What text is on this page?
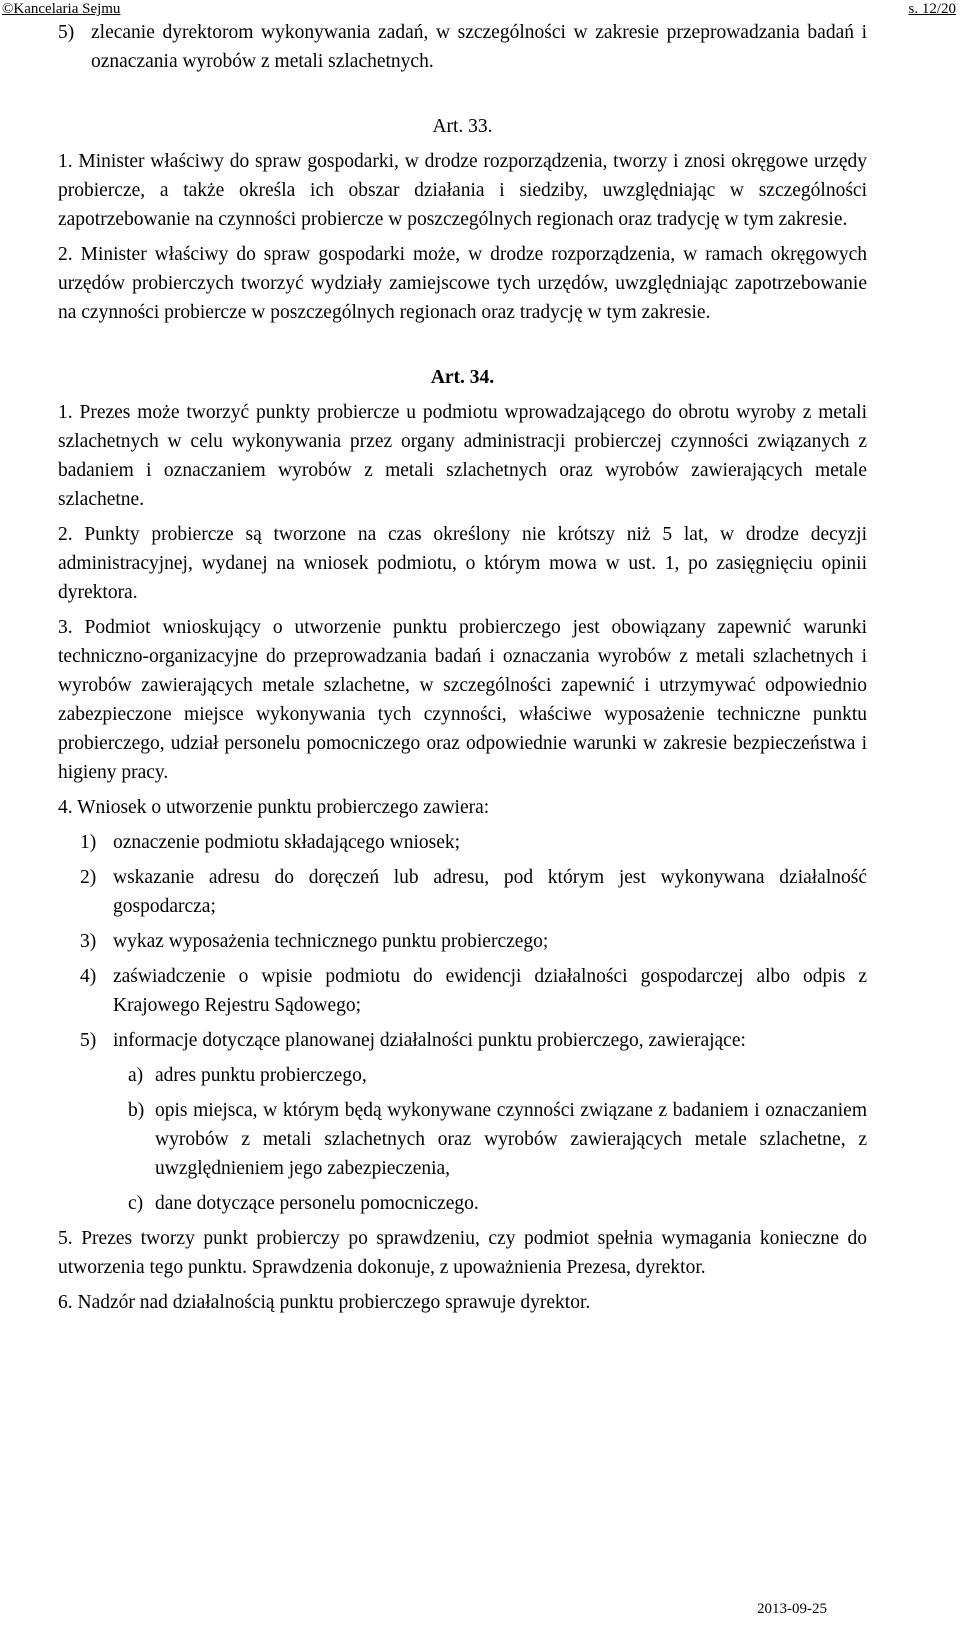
©Kancelaria Sejmu	s. 12/20
5) zlecanie dyrektorom wykonywania zadań, w szczególności w zakresie przeprowadzania badań i oznaczania wyrobów z metali szlachetnych.

Art. 33.

1. Minister właściwy do spraw gospodarki, w drodze rozporządzenia, tworzy i znosi okręgowe urzędy probiercze, a także określa ich obszar działania i siedziby, uwzględniając w szczególności zapotrzebowanie na czynności probiercze w poszczególnych regionach oraz tradycję w tym zakresie.

2. Minister właściwy do spraw gospodarki może, w drodze rozporządzenia, w ramach okręgowych urzędów probierczych tworzyć wydziały zamiejscowe tych urzędów, uwzględniając zapotrzebowanie na czynności probiercze w poszczególnych regionach oraz tradycję w tym zakresie.

Art. 34.

1. Prezes może tworzyć punkty probiercze u podmiotu wprowadzającego do obrotu wyroby z metali szlachetnych w celu wykonywania przez organy administracji probierczej czynności związanych z badaniem i oznaczaniem wyrobów z metali szlachetnych oraz wyrobów zawierających metale szlachetne.

2. Punkty probiercze są tworzone na czas określony nie krótszy niż 5 lat, w drodze decyzji administracyjnej, wydanej na wniosek podmiotu, o którym mowa w ust. 1, po zasięgnięciu opinii dyrektora.

3. Podmiot wnioskujący o utworzenie punktu probierczego jest obowiązany zapewnić warunki techniczno-organizacyjne do przeprowadzania badań i oznaczania wyrobów z metali szlachetnych i wyrobów zawierających metale szlachetne, w szczególności zapewnić i utrzymywać odpowiednio zabezpieczone miejsce wykonywania tych czynności, właściwe wyposażenie techniczne punktu probierczego, udział personelu pomocniczego oraz odpowiednie warunki w zakresie bezpieczeństwa i higieny pracy.

4. Wniosek o utworzenie punktu probierczego zawiera:

1) oznaczenie podmiotu składającego wniosek;
2) wskazanie adresu do doręczeń lub adresu, pod którym jest wykonywana działalność gospodarcza;
3) wykaz wyposażenia technicznego punktu probierczego;
4) zaświadczenie o wpisie podmiotu do ewidencji działalności gospodarczej albo odpis z Krajowego Rejestru Sądowego;
5) informacje dotyczące planowanej działalności punktu probierczego, zawierające:
a) adres punktu probierczego,
b) opis miejsca, w którym będą wykonywane czynności związane z badaniem i oznaczaniem wyrobów z metali szlachetnych oraz wyrobów zawierających metale szlachetne, z uwzględnieniem jego zabezpieczenia,
c) dane dotyczące personelu pomocniczego.

5. Prezes tworzy punkt probierczy po sprawdzeniu, czy podmiot spełnia wymagania konieczne do utworzenia tego punktu. Sprawdzenia dokonuje, z upoważnienia Prezesa, dyrektor.

6. Nadzór nad działalnością punktu probierczego sprawuje dyrektor.

2013-09-25
